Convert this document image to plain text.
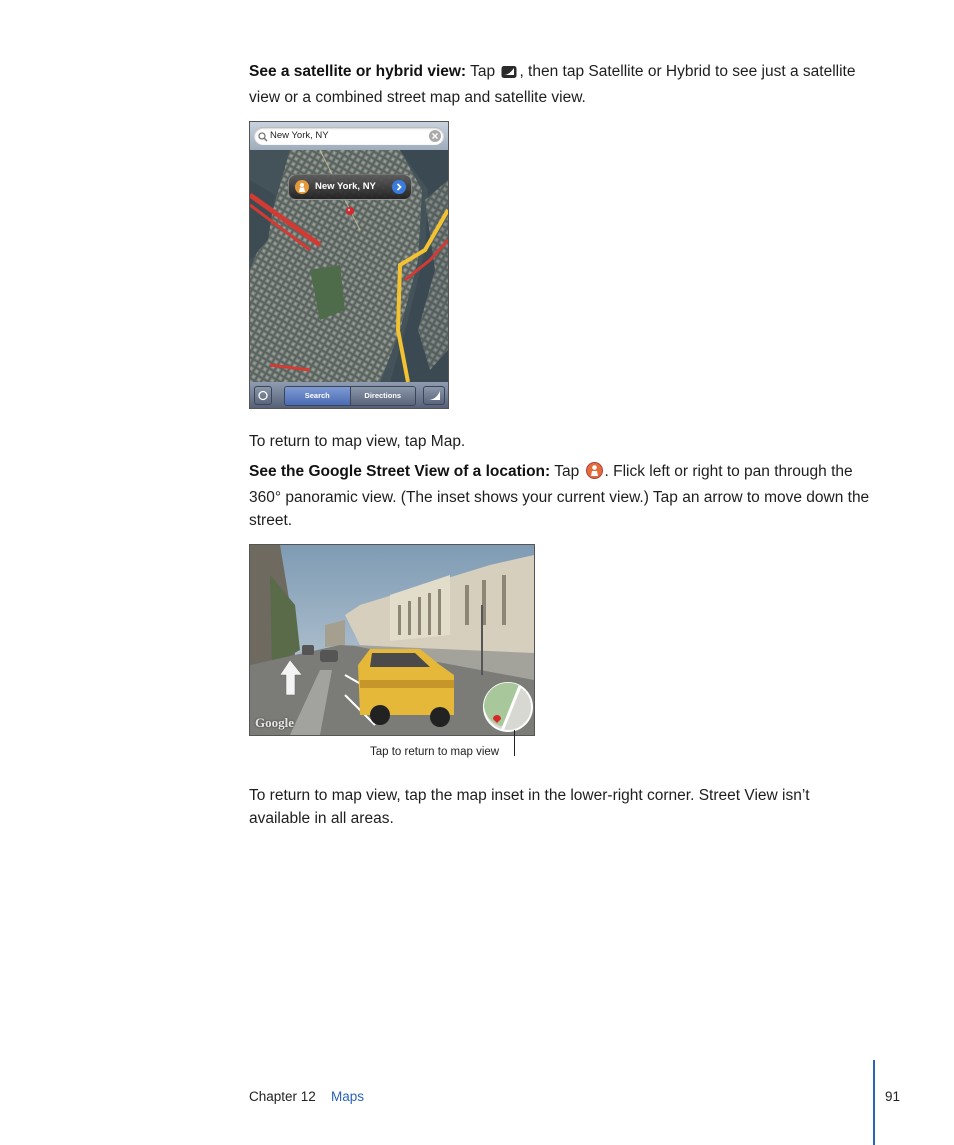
See a satellite or hybrid view: Tap , then tap Satellite or Hybrid to see just a satellite view or a combined street map and satellite view.

New York, NY
New York, NY
Search	Directions

To return to map view, tap Map.

See the Google Street View of a location: Tap . Flick left or right to pan through the 360° panoramic view. (The inset shows your current view.) Tap an arrow to move down the street.

Google
Tap to return to map view

To return to map view, tap the map inset in the lower-right corner. Street View isn’t available in all areas.

Chapter 12 Maps	91
